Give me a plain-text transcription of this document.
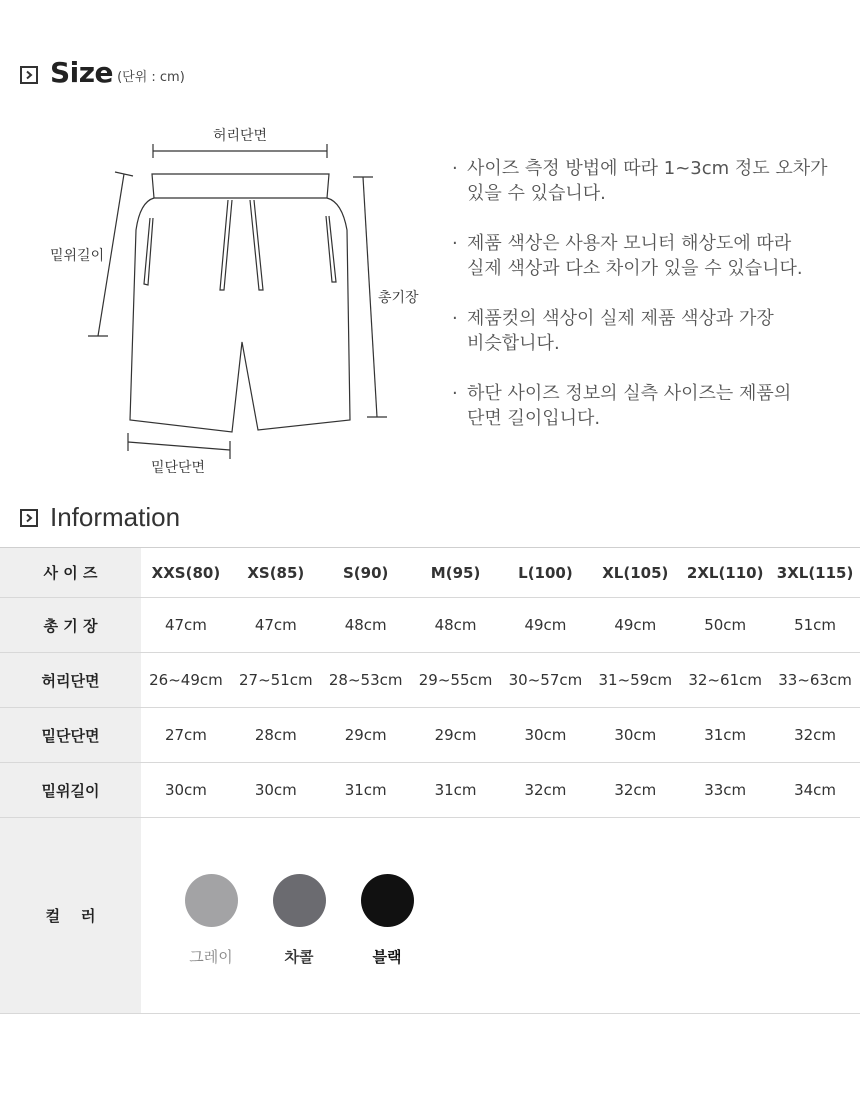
Size (단위 : cm)
허리단면
밑위길이
총기장
밑단단면
· 사이즈 측정 방법에 따라 1~3cm 정도 오차가
있을 수 있습니다.
· 제품 색상은 사용자 모니터 해상도에 따라
실제 색상과 다소 차이가 있을 수 있습니다.
· 제품컷의 색상이 실제 제품 색상과 가장
비슷합니다.
· 하단 사이즈 정보의 실측 사이즈는 제품의
단면 길이입니다.
Information
사 이 즈	XXS(80)	XS(85)	S(90)	M(95)	L(100)	XL(105)	2XL(110)	3XL(115)
총 기 장	47cm	47cm	48cm	48cm	49cm	49cm	50cm	51cm
허리단면	26~49cm	27~51cm	28~53cm	29~55cm	30~57cm	31~59cm	32~61cm	33~63cm
밑단단면	27cm	28cm	29cm	29cm	30cm	30cm	31cm	32cm
밑위길이	30cm	30cm	31cm	31cm	32cm	32cm	33cm	34cm
컬    러	그레이 차콜 블랙							
